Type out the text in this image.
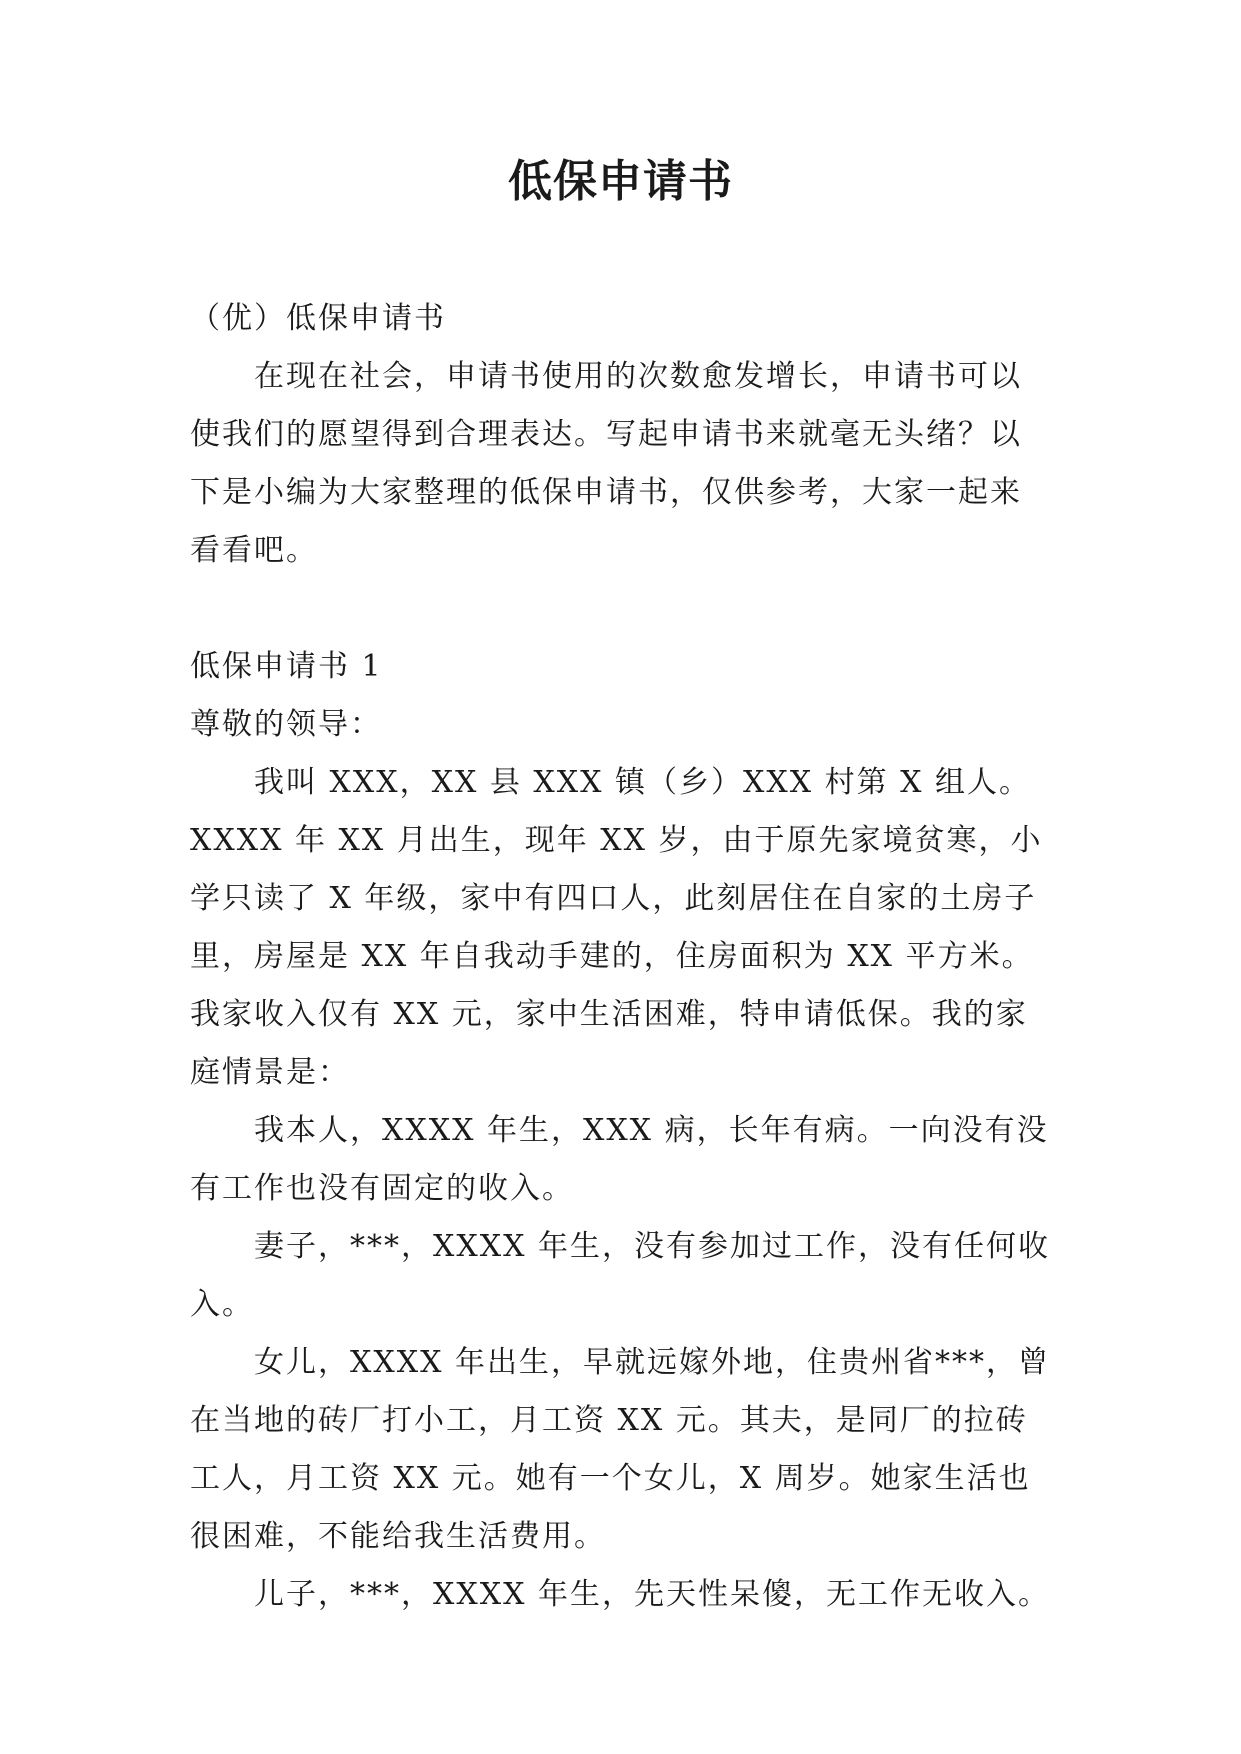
低保申请书

（优）低保申请书

在现在社会，申请书使用的次数愈发增长，申请书可以使我们的愿望得到合理表达。写起申请书来就毫无头绪？以下是小编为大家整理的低保申请书，仅供参考，大家一起来看看吧。

低保申请书 1

尊敬的领导：

我叫 XXX，XX 县 XXX 镇（乡）XXX 村第 X 组人。XXXX 年 XX 月出生，现年 XX 岁，由于原先家境贫寒，小学只读了 X 年级，家中有四口人，此刻居住在自家的土房子里，房屋是 XX 年自我动手建的，住房面积为 XX 平方米。我家收入仅有 XX 元，家中生活困难，特申请低保。我的家庭情景是：

我本人，XXXX 年生，XXX 病，长年有病。一向没有没有工作也没有固定的收入。

妻子，***，XXXX 年生，没有参加过工作，没有任何收入。

女儿，XXXX 年出生，早就远嫁外地，住贵州省***，曾在当地的砖厂打小工，月工资 XX 元。其夫，是同厂的拉砖工人，月工资 XX 元。她有一个女儿，X 周岁。她家生活也很困难，不能给我生活费用。

儿子，***，XXXX 年生，先天性呆傻，无工作无收入。
